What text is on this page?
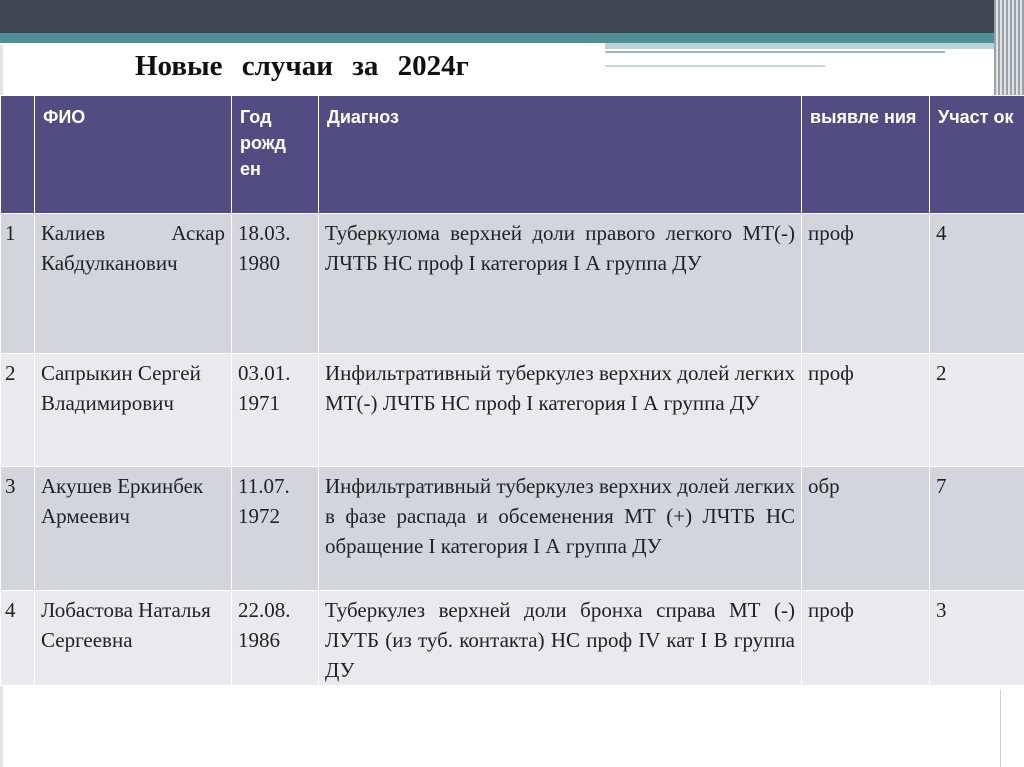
Новые случаи за 2024г
	ФИО	Год рожд ен	Диагноз	выявле ния	Участ ок
1	Калиев Аскар Кабдулканович	18.03. 1980	Туберкулома верхней доли правого легкого МТ(-) ЛЧТБ НС проф I категория I А группа ДУ	проф	4
2	Сапрыкин Сергей Владимирович	03.01. 1971	Инфильтративный туберкулез верхних долей легких МТ(-) ЛЧТБ НС проф I категория I А группа ДУ	проф	2
3	Акушев Еркинбек Армеевич	11.07. 1972	Инфильтративный туберкулез верхних долей легких в фазе распада и обсеменения МТ (+) ЛЧТБ НС обращение I категория I А группа ДУ	обр	7
4	Лобастова Наталья Сергеевна	22.08. 1986	Туберкулез верхней доли бронха справа МТ (-) ЛУТБ (из туб. контакта) НС проф IV кат I В группа ДУ	проф	3
